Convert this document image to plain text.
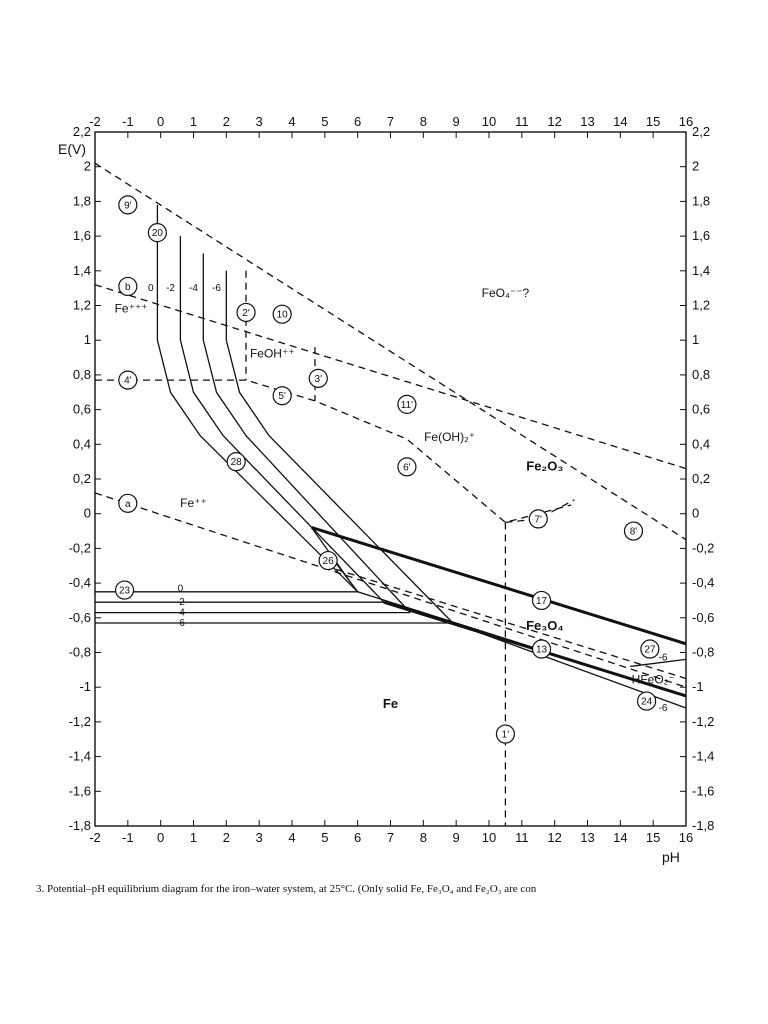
-2
-2
-1
-1
0
0
1
1
2
2
3
3
4
4
5
5
6
6
7
7
8
8
9
9
10
10
11
11
12
12
13
13
14
14
15
15
16
16
2,2	2,2
2	2
1,8	1,8
1,6	1,6
1,4	1,4
1,2	1,2
1	1
0,8	0,8
0,6	0,6
0,4	0,4
0,2	0,2
0	0
-0,2	-0,2
-0,4	-0,4
-0,6	-0,6
-0,8	-0,8
-1	-1
-1,2	-1,2
-1,4	-1,4
-1,6	-1,6
-1,8	-1,8
FeO₄⁻⁻?
Fe⁺⁺⁺
FeOH⁺⁺
Fe(OH)₂⁺
Fe₂O₃
Fe⁺⁺
Fe₃O₄
HFeO₂⁻
Fe
0 -2 -4 -6
0
-2
-4
-6
-6
-6
9'
20
b
2'	10
4'	3'
5'
11'
28	6'
a
7'
8'
26
23
17
13	27
24
1'
E(V)
pH
3. Potential–pH equilibrium diagram for the iron–water system, at 25°C. (Only solid Fe, Fe₃O₄ and Fe₂O₃ are con
